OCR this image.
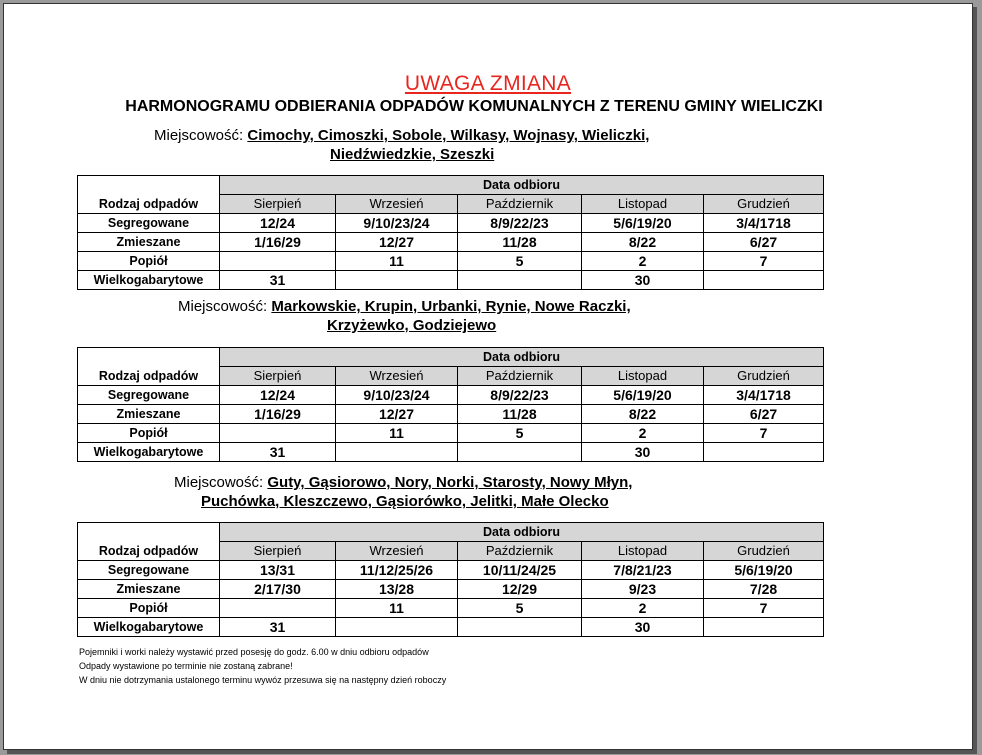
UWAGA ZMIANA
HARMONOGRAMU ODBIERANIA ODPADÓW KOMUNALNYCH Z TERENU GMINY WIELICZKI
Miejscowość: Cimochy, Cimoszki, Sobole, Wilkasy, Wojnasy, Wieliczki,
Niedźwiedzkie, Szeszki
	Data odbioru				
Rodzaj odpadów	Sierpień	Wrzesień	Październik	Listopad	Grudzień
Segregowane	12/24	9/10/23/24	8/9/22/23	5/6/19/20	3/4/1718
Zmieszane	1/16/29	12/27	11/28	8/22	6/27
Popiół		11	5	2	7
Wielkogabarytowe	31			30	
Miejscowość: Markowskie, Krupin, Urbanki, Rynie, Nowe Raczki,
Krzyżewko, Godziejewo
	Data odbioru				
Rodzaj odpadów	Sierpień	Wrzesień	Październik	Listopad	Grudzień
Segregowane	12/24	9/10/23/24	8/9/22/23	5/6/19/20	3/4/1718
Zmieszane	1/16/29	12/27	11/28	8/22	6/27
Popiół		11	5	2	7
Wielkogabarytowe	31			30	
Miejscowość: Guty, Gąsiorowo, Nory, Norki, Starosty, Nowy Młyn,
Puchówka, Kleszczewo, Gąsiorówko, Jelitki, Małe Olecko
	Data odbioru				
Rodzaj odpadów	Sierpień	Wrzesień	Październik	Listopad	Grudzień
Segregowane	13/31	11/12/25/26	10/11/24/25	7/8/21/23	5/6/19/20
Zmieszane	2/17/30	13/28	12/29	9/23	7/28
Popiół		11	5	2	7
Wielkogabarytowe	31			30	
Pojemniki i worki należy wystawić przed posesję do godz. 6.00 w dniu odbioru odpadów
Odpady wystawione po terminie nie zostaną zabrane!
W dniu nie dotrzymania ustalonego terminu wywóz przesuwa się na następny dzień roboczy
